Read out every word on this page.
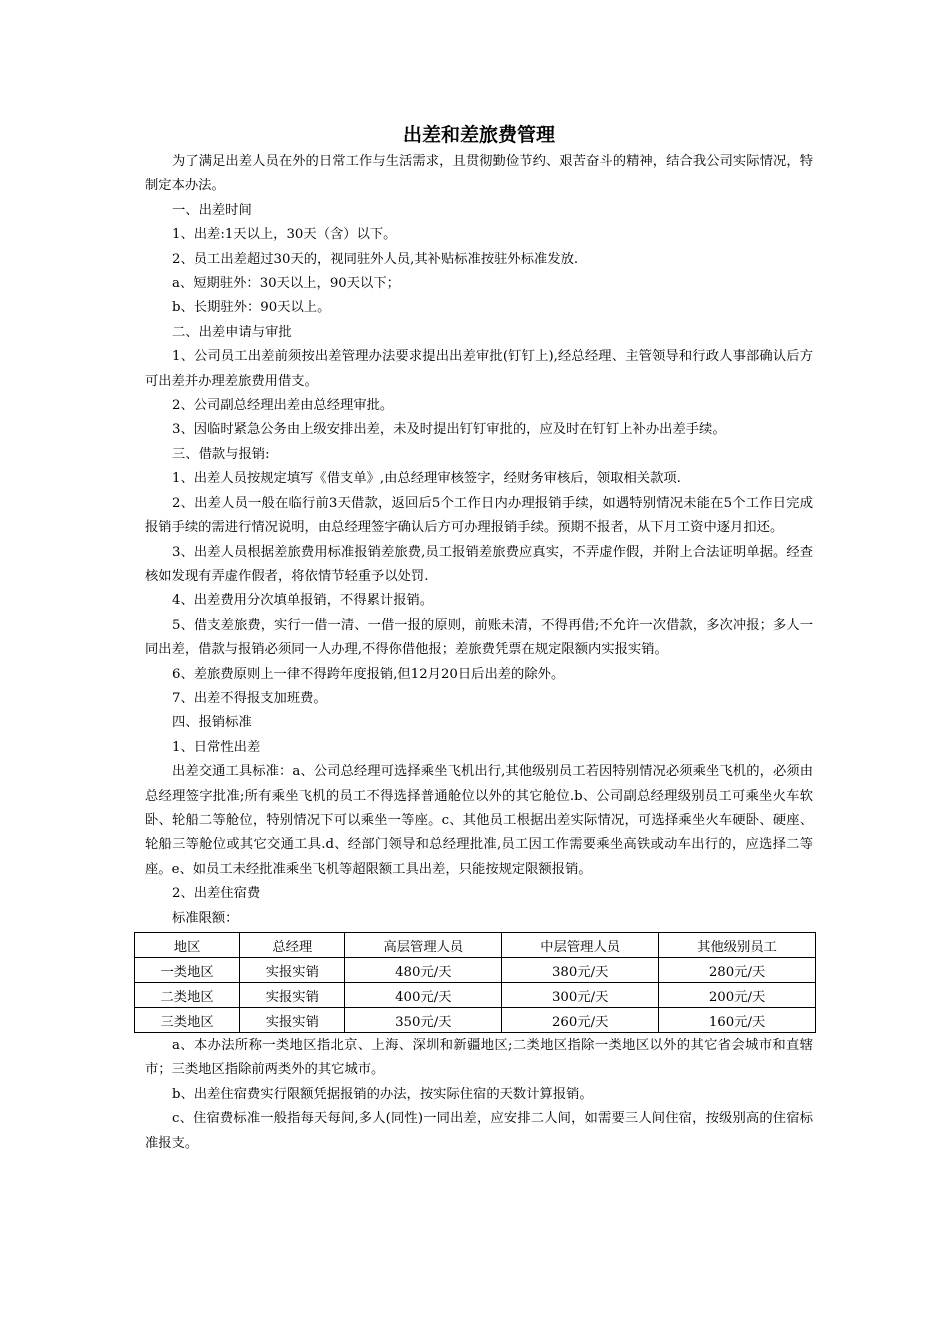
出差和差旅费管理

为了满足出差人员在外的日常工作与生活需求，且贯彻勤俭节约、艰苦奋斗的精神，结合我公司实际情况，特制定本办法。

一、出差时间

1、出差:1天以上，30天（含）以下。

2、员工出差超过30天的，视同驻外人员,其补贴标准按驻外标准发放.

a、短期驻外：30天以上，90天以下；

b、长期驻外：90天以上。

二、出差申请与审批

1、公司员工出差前须按出差管理办法要求提出出差审批(钉钉上),经总经理、主管领导和行政人事部确认后方可出差并办理差旅费用借支。

2、公司副总经理出差由总经理审批。

3、因临时紧急公务由上级安排出差，未及时提出钉钉审批的，应及时在钉钉上补办出差手续。

三、借款与报销:

1、出差人员按规定填写《借支单》,由总经理审核签字，经财务审核后，领取相关款项.

2、出差人员一般在临行前3天借款，返回后5个工作日内办理报销手续，如遇特别情况未能在5个工作日完成报销手续的需进行情况说明，由总经理签字确认后方可办理报销手续。预期不报者，从下月工资中逐月扣还。

3、出差人员根据差旅费用标准报销差旅费,员工报销差旅费应真实，不弄虚作假，并附上合法证明单据。经查核如发现有弄虚作假者，将依情节轻重予以处罚.

4、出差费用分次填单报销，不得累计报销。

5、借支差旅费，实行一借一清、一借一报的原则，前账未清，不得再借;不允许一次借款，多次冲报；多人一同出差，借款与报销必须同一人办理,不得你借他报；差旅费凭票在规定限额内实报实销。

6、差旅费原则上一律不得跨年度报销,但12月20日后出差的除外。

7、出差不得报支加班费。

四、报销标准

1、日常性出差

出差交通工具标准：a、公司总经理可选择乘坐飞机出行,其他级别员工若因特别情况必须乘坐飞机的，必须由总经理签字批准;所有乘坐飞机的员工不得选择普通舱位以外的其它舱位.b、公司副总经理级别员工可乘坐火车软卧、轮船二等舱位，特别情况下可以乘坐一等座。c、其他员工根据出差实际情况，可选择乘坐火车硬卧、硬座、轮船三等舱位或其它交通工具.d、经部门领导和总经理批准,员工因工作需要乘坐高铁或动车出行的，应选择二等座。e、如员工未经批准乘坐飞机等超限额工具出差，只能按规定限额报销。

2、出差住宿费

标准限额：

地区	总经理	高层管理人员	中层管理人员	其他级别员工
一类地区	实报实销	480元/天	380元/天	280元/天
二类地区	实报实销	400元/天	300元/天	200元/天
三类地区	实报实销	350元/天	260元/天	160元/天

a、本办法所称一类地区指北京、上海、深圳和新疆地区;二类地区指除一类地区以外的其它省会城市和直辖市；三类地区指除前两类外的其它城市。

b、出差住宿费实行限额凭据报销的办法，按实际住宿的天数计算报销。

c、住宿费标准一般指每天每间,多人(同性)一同出差，应安排二人间，如需要三人间住宿，按级别高的住宿标准报支。
